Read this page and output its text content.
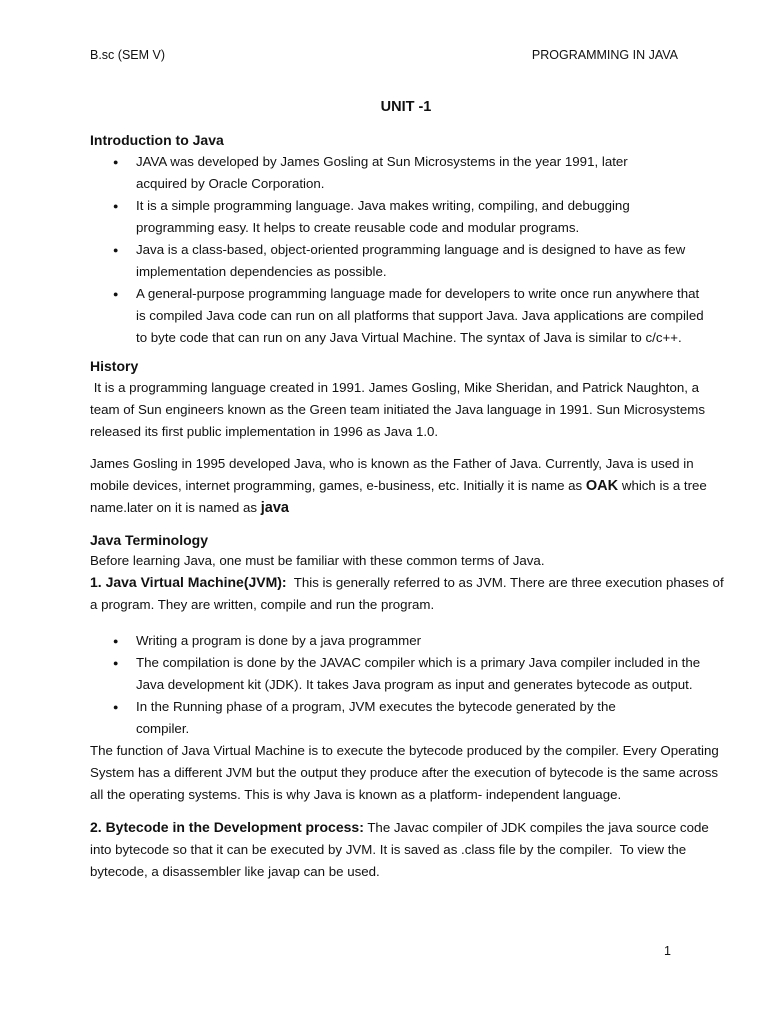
B.sc (SEM V)	PROGRAMMING IN JAVA
UNIT -1
Introduction to Java
● JAVA was developed by James Gosling at Sun Microsystems in the year 1991, later acquired by Oracle Corporation.
● It is a simple programming language. Java makes writing, compiling, and debugging programming easy. It helps to create reusable code and modular programs.
● Java is a class-based, object-oriented programming language and is designed to have as few implementation dependencies as possible.
● A general-purpose programming language made for developers to write once run anywhere that is compiled Java code can run on all platforms that support Java. Java applications are compiled to byte code that can run on any Java Virtual Machine. The syntax of Java is similar to c/c++.
History

It is a programming language created in 1991. James Gosling, Mike Sheridan, and Patrick Naughton, a team of Sun engineers known as the Green team initiated the Java language in 1991. Sun Microsystems released its first public implementation in 1996 as Java 1.0.

James Gosling in 1995 developed Java, who is known as the Father of Java. Currently, Java is used in mobile devices, internet programming, games, e-business, etc. Initially it is name as OAK which is a tree name.later on it is named as java

Java Terminology

Before learning Java, one must be familiar with these common terms of Java.

1. Java Virtual Machine(JVM):  This is generally referred to as JVM. There are three execution phases of a program. They are written, compile and run the program.

● Writing a program is done by a java programmer
● The compilation is done by the JAVAC compiler which is a primary Java compiler included in the Java development kit (JDK). It takes Java program as input and generates bytecode as output.
● In the Running phase of a program, JVM executes the bytecode generated by the compiler.

The function of Java Virtual Machine is to execute the bytecode produced by the compiler. Every Operating System has a different JVM but the output they produce after the execution of bytecode is the same across all the operating systems. This is why Java is known as a platform- independent language.

2. Bytecode in the Development process: The Javac compiler of JDK compiles the java source code into bytecode so that it can be executed by JVM. It is saved as .class file by the compiler.  To view the bytecode, a disassembler like javap can be used.

1
